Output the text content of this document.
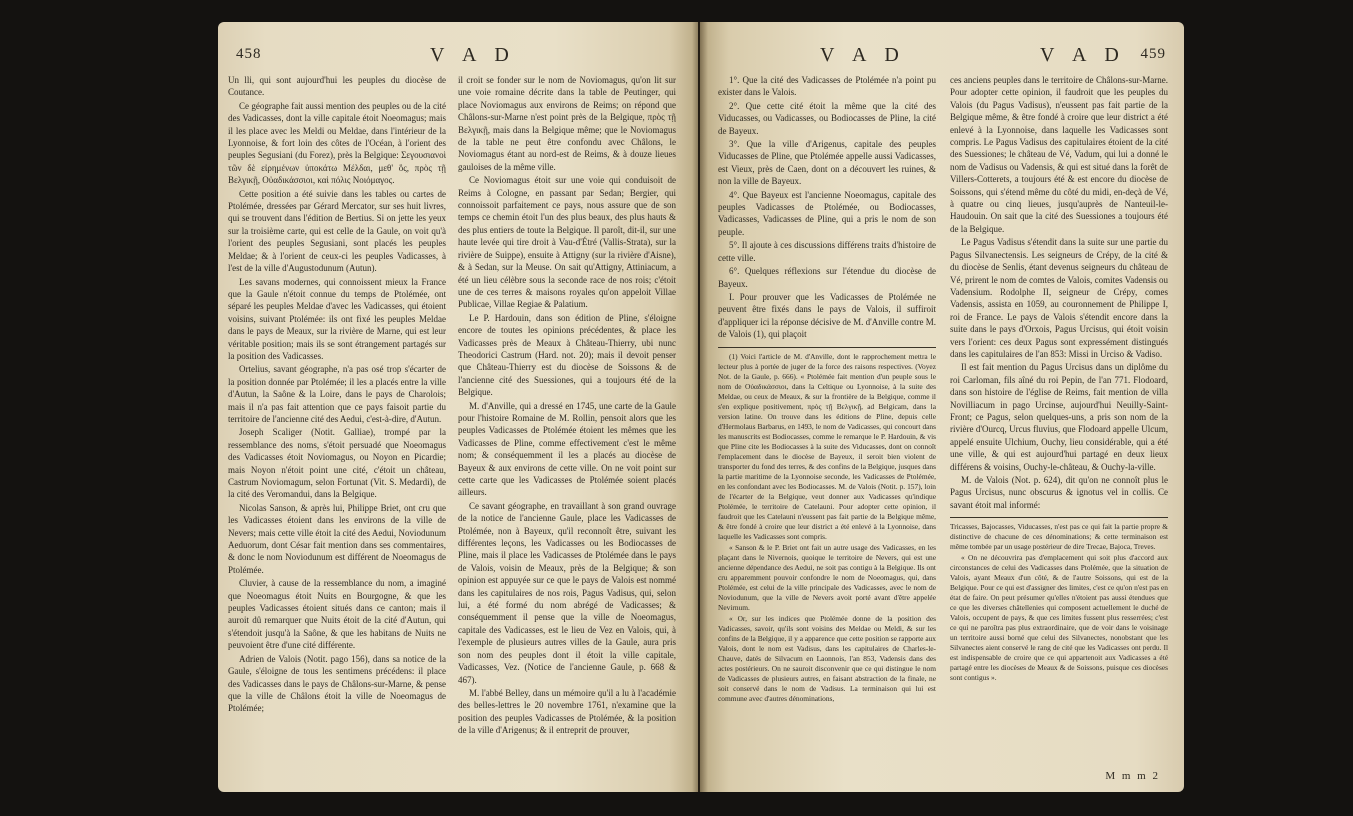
458	V A D

Un lli, qui sont aujourd'hui les peuples du diocèse de Coutance.

Ce géographe fait aussi mention des peuples ou de la cité des Vadicasses, dont la ville capitale étoit Noeomagus; mais il les place avec les Meldi ou Meldae, dans l'intérieur de la Lyonnoise, & fort loin des côtes de l'Océan, à l'orient des peuples Segusiani (du Forez), près la Belgique: Σεγουσιανοὶ τῶν δὲ εἰρημένων ὑποκάτω Μέλδαι, μεθ' ὃς, πρὸς τῇ Βελγικῇ, Οὐαδικάσσιοι, καὶ πόλις Νοιόμαγος.

Cette position a été suivie dans les tables ou cartes de Ptolémée, dressées par Gérard Mercator, sur ses huit livres, qui se trouvent dans l'édition de Bertius. Si on jette les yeux sur la troisième carte, qui est celle de la Gaule, on voit qu'à l'orient des peuples Segusiani, sont placés les peuples Meldae; & à l'orient de ceux-ci les peuples Vadicasses, à l'est de la ville d'Augustodunum (Autun).

Les savans modernes, qui connoissent mieux la France que la Gaule n'étoit connue du temps de Ptolémée, ont séparé les peuples Meldae d'avec les Vadicasses, qui étoient voisins, suivant Ptolémée: ils ont fixé les peuples Meldae dans le pays de Meaux, sur la rivière de Marne, qui est leur véritable position; mais ils se sont étrangement partagés sur la position des Vadicasses.

Ortelius, savant géographe, n'a pas osé trop s'écarter de la position donnée par Ptolémée; il les a placés entre la ville d'Autun, la Saône & la Loire, dans le pays de Charolois; mais il n'a pas fait attention que ce pays faisoit partie du territoire de l'ancienne cité des Aedui, c'est-à-dire, d'Autun.

Joseph Scaliger (Notit. Galliae), trompé par la ressemblance des noms, s'étoit persuadé que Noeomagus des Vadicasses étoit Noviomagus, ou Noyon en Picardie; mais Noyon n'étoit point une cité, c'étoit un château, Castrum Noviomagum, selon Fortunat (Vit. S. Medardi), de la cité des Veromandui, dans la Belgique.

Nicolas Sanson, & après lui, Philippe Briet, ont cru que les Vadicasses étoient dans les environs de la ville de Nevers; mais cette ville étoit la cité des Aedui, Noviodunum Aeduorum, dont César fait mention dans ses commentaires, & donc le nom Noviodunum est différent de Noeomagus de Ptolémée.

Cluvier, à cause de la ressemblance du nom, a imaginé que Noeomagus étoit Nuits en Bourgogne, & que les peuples Vadicasses étoient situés dans ce canton; mais il auroit dû remarquer que Nuits étoit de la cité d'Autun, qui s'étendoit jusqu'à la Saône, & que les habitans de Nuits ne peuvoient être d'une cité différente.

Adrien de Valois (Notit. pago 156), dans sa notice de la Gaule, s'éloigne de tous les sentimens précédens: il place des Vadicasses dans le pays de Châlons-sur-Marne, & pense que la ville de Châlons étoit la ville de Noeomagus de Ptolémée;

il croit se fonder sur le nom de Noviomagus, qu'on lit sur une voie romaine décrite dans la table de Peutinger, qui place Noviomagus aux environs de Reims; on répond que Châlons-sur-Marne n'est point près de la Belgique, πρὸς τῇ Βελγικῇ, mais dans la Belgique même; que le Noviomagus de la table ne peut être confondu avec Châlons, le Noviomagus étant au nord-est de Reims, & à douze lieues gauloises de la même ville.

Ce Noviomagus étoit sur une voie qui conduisoit de Reims à Cologne, en passant par Sedan; Bergier, qui connoissoit parfaitement ce pays, nous assure que de son temps ce chemin étoit l'un des plus beaux, des plus hauts & des plus entiers de toute la Belgique. Il paroît, dit-il, sur une haute levée qui tire droit à Vau-d'Étré (Vallis-Strata), sur la rivière de Suippe), ensuite à Attigny (sur la rivière d'Aisne), & à Sedan, sur la Meuse. On sait qu'Attigny, Attiniacum, a été un lieu célèbre sous la seconde race de nos rois; c'étoit une de ces terres & maisons royales qu'on appeloit Villae Publicae, Villae Regiae & Palatium.

Le P. Hardouin, dans son édition de Pline, s'éloigne encore de toutes les opinions précédentes, & place les Vadicasses près de Meaux à Château-Thierry, ubi nunc Theodorici Castrum (Hard. not. 20); mais il devoit penser que Château-Thierry est du diocèse de Soissons & de l'ancienne cité des Suessiones, qui a toujours été de la Belgique.

M. d'Anville, qui a dressé en 1745, une carte de la Gaule pour l'histoire Romaine de M. Rollin, pensoit alors que les peuples Vadicasses de Ptolémée étoient les mêmes que les Vadicasses de Pline, comme effectivement c'est le même nom; & conséquemment il les a placés au diocèse de Bayeux & aux environs de cette ville. On ne voit point sur cette carte que les Vadicasses de Ptolémée soient placés ailleurs.

Ce savant géographe, en travaillant à son grand ouvrage de la notice de l'ancienne Gaule, place les Vadicasses de Ptolémée, non à Bayeux, qu'il reconnoît être, suivant les différentes leçons, les Vadicasses ou les Bodiocasses de Pline, mais il place les Vadicasses de Ptolémée dans le pays de Valois, voisin de Meaux, près de la Belgique; & son opinion est appuyée sur ce que le pays de Valois est nommé dans les capitulaires de nos rois, Pagus Vadisus, qui, selon lui, a été formé du nom abrégé de Vadicasses; & conséquemment il pense que la ville de Noeomagus, capitale des Vadicasses, est le lieu de Vez en Valois, qui, à l'exemple de plusieurs autres villes de la Gaule, aura pris son nom des peuples dont il étoit la ville capitale, Vadicasses, Vez. (Notice de l'ancienne Gaule, p. 668 & 467).

M. l'abbé Belley, dans un mémoire qu'il a lu à l'académie des belles-lettres le 20 novembre 1761, n'examine que la position des peuples Vadicasses de Ptolémée, & la position de la ville d'Arigenus; & il entreprit de prouver,

V A D	V A D 459

1°. Que la cité des Vadicasses de Ptolémée n'a point pu exister dans le Valois.

2°. Que cette cité étoit la même que la cité des Viducasses, ou Vadicasses, ou Bodiocasses de Pline, la cité de Bayeux.

3°. Que la ville d'Arigenus, capitale des peuples Viducasses de Pline, que Ptolémée appelle aussi Vadicasses, est Vieux, près de Caen, dont on a découvert les ruines, & non la ville de Bayeux.

4°. Que Bayeux est l'ancienne Noeomagus, capitale des peuples Vadicasses de Ptolémée, ou Bodiocasses, Vadicasses, Vadicasses de Pline, qui a pris le nom de son peuple.

5°. Il ajoute à ces discussions différens traits d'histoire de cette ville.

6°. Quelques réflexions sur l'étendue du diocèse de Bayeux.

I. Pour prouver que les Vadicasses de Ptolémée ne peuvent être fixés dans le pays de Valois, il suffiroit d'appliquer ici la réponse décisive de M. d'Anville contre M. de Valois (1), qui plaçoit

(1) Voici l'article de M. d'Anville, dont le rapprochement mettra le lecteur plus à portée de juger de la force des raisons respectives. (Voyez Not. de la Gaule, p. 666). « Ptolémée fait mention d'un peuple sous le nom de Οὐαδικάσσιοι, dans la Celtique ou Lyonnoise, à la suite des Meldae, ou ceux de Meaux, & sur la frontière de la Belgique, comme il s'en explique positivement, πρὸς τῇ Βελγικῇ, ad Belgicam, dans la version latine. On trouve dans les éditions de Pline, depuis celle d'Hermolaus Barbarus, en 1493, le nom de Vadicasses, qui concourt dans les manuscrits est Bodiocasses, comme le remarque le P. Hardouin, & vis que Pline cite les Bodiocasses à la suite des Viducasses, dont on connoît l'emplacement dans le diocèse de Bayeux, il seroit bien violent de transporter du fond des terres, & des confins de la Belgique, jusques dans la partie maritime de la Lyonnoise seconde, les Vadicasses de Ptolémée, en les confondant avec les Bodiocasses. M. de Valois (Notit. p. 157), loin de l'écarter de la Belgique, veut donner aux Vadicasses qu'indique Ptolémée, le territoire de Catelauni. Pour adopter cette opinion, il faudroit que les Catelauni n'eussent pas fait partie de la Belgique même, & être fondé à croire que leur district a été enlevé à la Lyonnoise, dans laquelle les Vadicasses sont compris.

« Sanson & le P. Briet ont fait un autre usage des Vadicasses, en les plaçant dans le Nivernois, quoique le territoire de Nevers, qui est une ancienne dépendance des Aedui, ne soit pas contigu à la Belgique. Ils ont cru apparemment pouvoir confondre le nom de Noeomagus, qui, dans Ptolémée, est celui de la ville principale des Vadicasses, avec le nom de Noviodunum, que la ville de Nevers avoit porté avant d'être appelée Nevirnum.

« Or, sur les indices que Ptolémée donne de la position des Vadicasses, savoir, qu'ils sont voisins des Meldae ou Meldi, & sur les confins de la Belgique, il y a apparence que cette position se rapporte aux Valois, dont le nom est Vadisus, dans les capitulaires de Charles-le-Chauve, datés de Silvacum en Laonnois, l'an 853, Vadensis dans des actes postérieurs. On ne sauroit disconvenir que ce qui distingue le nom de Vadicasses de plusieurs autres, en faisant abstraction de la finale, ne soit conservé dans le nom de Vadisus. La terminaison qui lui est commune avec d'autres dénominations,

ces anciens peuples dans le territoire de Châlons-sur-Marne. Pour adopter cette opinion, il faudroit que les peuples du Valois (du Pagus Vadisus), n'eussent pas fait partie de la Belgique même, & être fondé à croire que leur district a été enlevé à la Lyonnoise, dans laquelle les Vadicasses sont compris. Le Pagus Vadisus des capitulaires étoient de la cité des Suessiones; le château de Vé, Vadum, qui lui a donné le nom de Vadisus ou Vadensis, & qui est situé dans la forêt de Villers-Cotterets, a toujours été & est encore du diocèse de Soissons, qui s'étend même du côté du midi, en-deçà de Vé, à quatre ou cinq lieues, jusqu'auprès de Nanteuil-le-Haudouin. On sait que la cité des Suessiones a toujours été de la Belgique.

Le Pagus Vadisus s'étendit dans la suite sur une partie du Pagus Silvanectensis. Les seigneurs de Crépy, de la cité & du diocèse de Senlis, étant devenus seigneurs du château de Vé, prirent le nom de comtes de Valois, comites Vadensis ou Vadensium. Rodolphe II, seigneur de Crépy, comes Vadensis, assista en 1059, au couronnement de Philippe I, roi de France. Le pays de Valois s'étendit encore dans la suite dans le pays d'Orxois, Pagus Urcisus, qui étoit voisin vers l'orient: ces deux Pagus sont expressément distingués dans les capitulaires de l'an 853: Missi in Urciso & Vadiso.

Il est fait mention du Pagus Urcisus dans un diplôme du roi Carloman, fils aîné du roi Pepin, de l'an 771. Flodoard, dans son histoire de l'église de Reims, fait mention de villa Novilliacum in pago Urcinse, aujourd'hui Neuilly-Saint-Front; ce Pagus, selon quelques-uns, a pris son nom de la rivière d'Ourcq, Urcus fluvius, que Flodoard appelle Ulcum, appelé ensuite Ulchium, Ouchy, lieu considérable, qui a été une ville, & qui est aujourd'hui partagé en deux lieux différens & voisins, Ouchy-le-château, & Ouchy-la-ville.

M. de Valois (Not. p. 624), dit qu'on ne connoît plus le Pagus Urcisus, nunc obscurus & ignotus vel in collis. Ce savant étoit mal informé:

Tricasses, Bajocasses, Viducasses, n'est pas ce qui fait la partie propre & distinctive de chacune de ces dénominations; & cette terminaison est même tombée par un usage postérieur de dire Trecae, Bajoca, Treves.

« On ne découvrira pas d'emplacement qui soit plus d'accord aux circonstances de celui des Vadicasses dans Ptolémée, que la situation de Valois, ayant Meaux d'un côté, & de l'autre Soissons, qui est de la Belgique. Pour ce qui est d'assigner des limites, c'est ce qu'on n'est pas en état de faire. On peut présumer qu'elles n'étoient pas aussi étendues que ce que les diverses châtellenies qui composent actuellement le duché de Valois, occupent de pays, & que ces limites fussent plus resserrées; c'est ce qui ne paroîtra pas plus extraordinaire, que de voir dans le voisinage un territoire aussi borné que celui des Silvanectes, nonobstant que les Silvanectes aient conservé le rang de cité que les Vadicasses ont perdu. Il est indispensable de croire que ce qui appartenoit aux Vadicasses a été partagé entre les diocèses de Meaux & de Soissons, puisque ces diocèses sont contigus ».

M m m 2
